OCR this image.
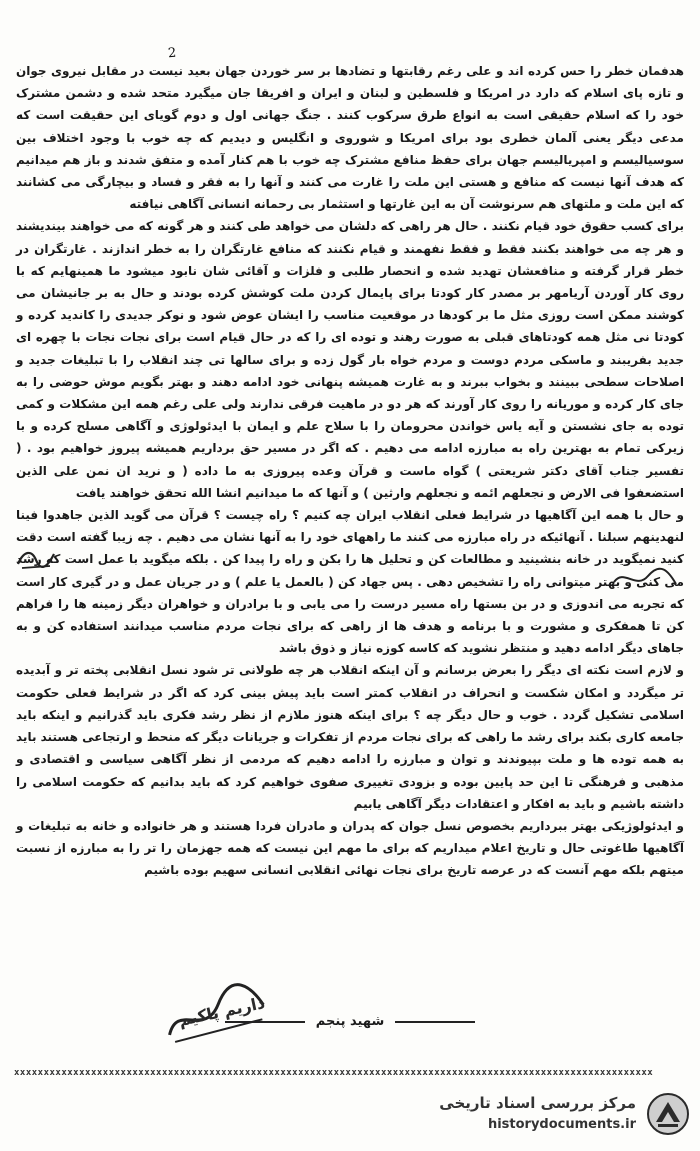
2

هدفمان خطر را حس کرده اند و علی رغم رقابتها و تضادها بر سر خوردن جهان بعید نیست در مقابل نیروی جوان و تازه پای اسلام که دارد در امریکا و فلسطین و لبنان و ایران و افریقا جان میگیرد متحد شده و دشمن مشترک خود را که اسلام حقیقی است به انواع طرق سرکوب کنند . جنگ جهانی اول و دوم گویای این حقیقت است که مدعی دیگر یعنی آلمان خطری بود برای امریکا و شوروی و انگلیس و دیدیم که چه خوب با وجود اختلاف بین سوسیالیسم و امپریالیسم جهان برای حفظ منافع مشترک چه خوب با هم کنار آمده و متفق شدند و باز هم میدانیم که هدف آنها نیست که منافع و هستی این ملت را غارت می کنند و آنها را به فقر و فساد و بیچارگی می کشانند که این ملت و ملتهای هم سرنوشت آن به این غارتها و استثمار بی رحمانه انسانی آگاهی نیافته

برای کسب حقوق خود قیام نکنند . حال هر راهی که دلشان می خواهد طی کنند و هر گونه که می خواهند بیندیشند و هر چه می خواهند بکنند فقط و فقط نفهمند و قیام نکنند که منافع غارتگران را به خطر اندازند . غارتگران در خطر قرار گرفته و منافعشان تهدید شده و انحصار طلبی و فلزات و آقائی شان نابود میشود ما همینهایم که با روی کار آوردن آریامهر بر مصدر کار کودتا برای پایمال کردن ملت کوشش کرده بودند و حال به بر جانیشان می کوشند ممکن است روزی مثل ما بر کودها در موقعیت مناسب را ایشان عوض شود و نوکر جدیدی را کاندید کرده و کودتا نی مثل همه کودتاهای قبلی به صورت رهند و توده ای را که در حال قیام است برای نجات نجات با چهره ای جدید بفریبند و ماسکی مردم دوست و مردم خواه بار گول زده و برای سالها تی چند انقلاب را با تبلیغات جدید و اصلاحات سطحی ببینند و بخواب ببرند و به غارت همیشه پنهانی خود ادامه دهند و بهتر بگویم موش حوضی را به جای کار کرده و موریانه را روی کار آورند که هر دو در ماهیت فرقی ندارند ولی علی رغم همه این مشکلات و کمی توده به جای نشستن و آیه یاس خواندن محرومان را با سلاح علم و ایمان با ایدئولوژی و آگاهی مسلح کرده و با زیرکی تمام به بهترین راه به مبارزه ادامه می دهیم . که اگر در مسیر حق برداریم همیشه پیروز خواهیم بود . ( تفسیر جناب آقای دکتر شریعتی ) گواه ماست و قرآن وعده پیروزی به ما داده ( و نرید ان نمن علی الذین استضعفوا فی الارض و نجعلهم ائمه و نجعلهم وارثین ) و آنها که ما میدانیم انشا الله تحقق خواهند یافت

و حال با همه این آگاهیها در شرایط فعلی انقلاب ایران چه کنیم ؟ راه چیست ؟ قرآن می گوید الذین جاهدوا فینا لنهدینهم سبلنا . آنهائیکه در راه مبارزه می کنند ما راههای خود را به آنها نشان می دهیم . چه زیبا گفته است دقت کنید نمیگوید در خانه بنشینید و مطالعات کن و تحلیل ها را بکن و راه را پیدا کن . بلکه میگوید با عمل است که رشد می کنی و بهتر میتوانی راه را تشخیص دهی . پس جهاد کن ( بالعمل یا علم ) و در جریان عمل و در گیری کار است که تجربه می اندوزی و در بن بستها راه مسیر درست را می یابی و با برادران و خواهران دیگر زمینه ها را فراهم کن تا همفکری و مشورت و با برنامه و هدف ها از راهی که برای نجات مردم مناسب میدانند استفاده کن و به جاهای دیگر ادامه دهید و منتظر نشوید که کاسه کوزه نیاز و ذوق باشد

و لازم است نکته ای دیگر را بعرض برسانم و آن اینکه انقلاب هر چه طولانی تر شود نسل انقلابی پخته تر و آبدیده تر میگردد و امکان شکست و انحراف در انقلاب کمتر است باید پیش بینی کرد که اگر در شرایط فعلی حکومت اسلامی تشکیل گردد . خوب و حال دیگر چه ؟ برای اینکه هنوز ملازم از نظر رشد فکری باید گذرانیم و اینکه باید جامعه کاری بکند برای رشد ما راهی که برای نجات مردم از تفکرات و جریانات دیگر که منحط و ارتجاعی هستند باید به همه توده ها و ملت بپیوندند و توان و مبارزه را ادامه دهیم که مردمی از نظر آگاهی سیاسی و اقتصادی و مذهبی و فرهنگی تا این حد پایین بوده و بزودی تغییری صفوی خواهیم کرد که باید بدانیم که حکومت اسلامی را داشته باشیم و باید به افکار و اعتقادات دیگر آگاهی یابیم

و ایدئولوژیکی بهتر ببرداریم بخصوص نسل جوان که پدران و مادران فردا هستند و هر خانواده و خانه به تبلیغات و آگاهیها طاغوتی حال و تاریخ اعلام میداریم که برای ما مهم این نیست که همه جهزمان را تر را به مبارزه از نسبت میتهم بلکه مهم آنست که در عرصه تاریخ برای نجات نهائی انقلابی انسانی سهیم بوده باشیم

شهید پنجم
داریم پاکیم
xxxxxxxxxxxxxxxxxxxxxxxxxxxxxxxxxxxxxxxxxxxxxxxxxxxxxxxxxxxxxxxxxxxxxxxxxxxxxxxxxxxxxxxxxxxxxxxxxxxxxxxxxxxx
مرکز بررسی اسناد تاریخی
historydocuments.ir
